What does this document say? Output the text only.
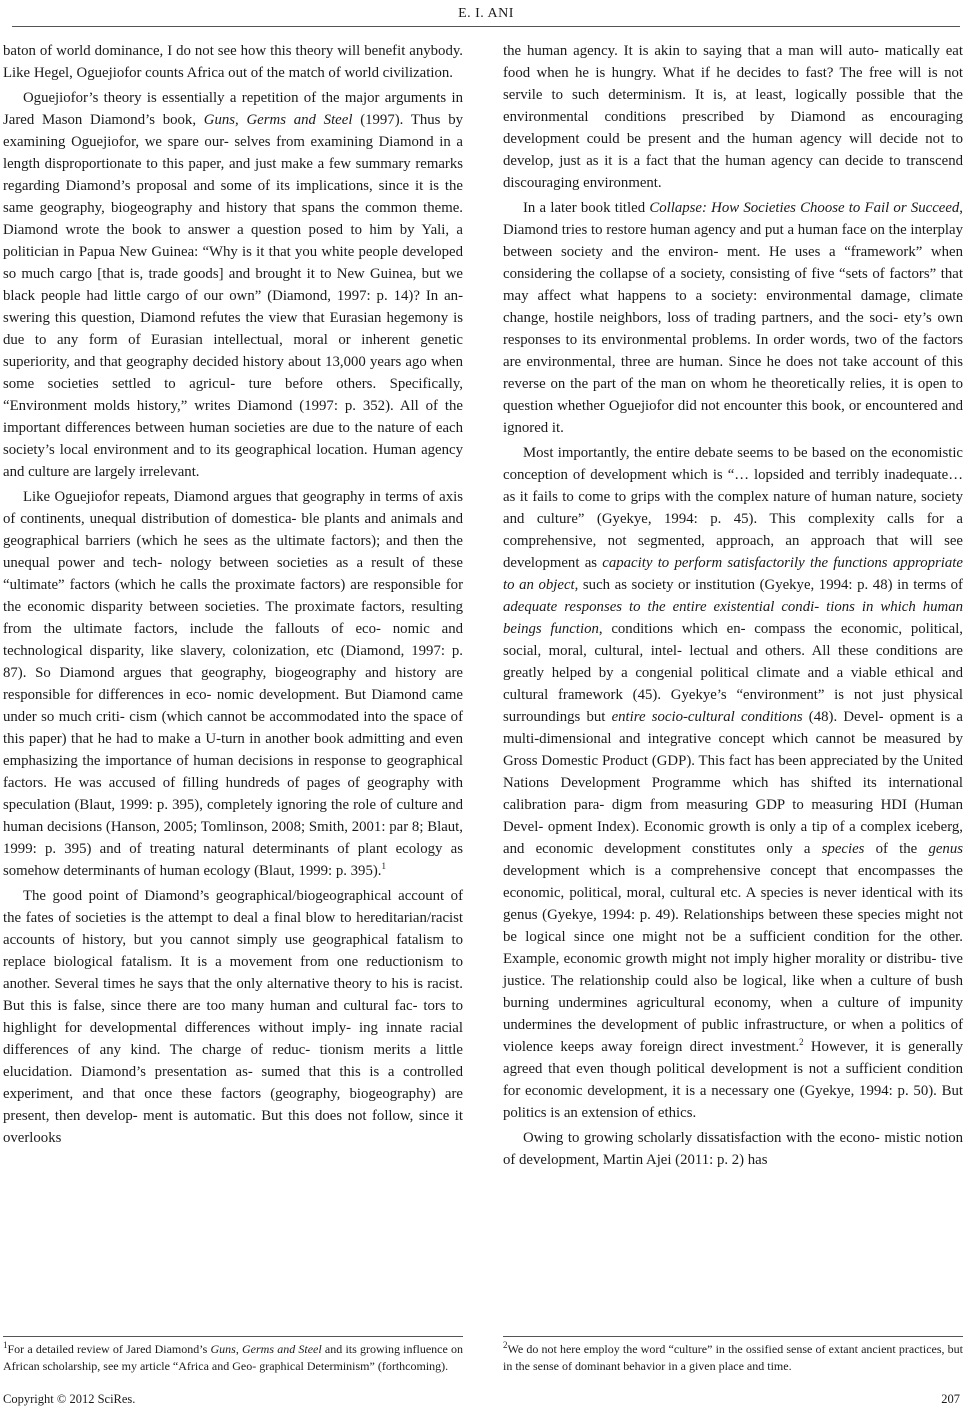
E. I. ANI

baton of world dominance, I do not see how this theory will benefit anybody. Like Hegel, Oguejiofor counts Africa out of the match of world civilization.

Oguejiofor’s theory is essentially a repetition of the major arguments in Jared Mason Diamond’s book, Guns, Germs and Steel (1997). Thus by examining Oguejiofor, we spare our- selves from examining Diamond in a length disproportionate to this paper, and just make a few summary remarks regarding Diamond’s proposal and some of its implications, since it is the same geography, biogeography and history that spans the common theme. Diamond wrote the book to answer a question posed to him by Yali, a politician in Papua New Guinea: “Why is it that you white people developed so much cargo [that is, trade goods] and brought it to New Guinea, but we black people had little cargo of our own” (Diamond, 1997: p. 14)? In an- swering this question, Diamond refutes the view that Eurasian hegemony is due to any form of Eurasian intellectual, moral or inherent genetic superiority, and that geography decided history about 13,000 years ago when some societies settled to agricul- ture before others. Specifically, “Environment molds history,” writes Diamond (1997: p. 352). All of the important differences between human societies are due to the nature of each society’s local environment and to its geographical location. Human agency and culture are largely irrelevant.

Like Oguejiofor repeats, Diamond argues that geography in terms of axis of continents, unequal distribution of domestica- ble plants and animals and geographical barriers (which he sees as the ultimate factors); and then the unequal power and tech- nology between societies as a result of these “ultimate” factors (which he calls the proximate factors) are responsible for the economic disparity between societies. The proximate factors, resulting from the ultimate factors, include the fallouts of eco- nomic and technological disparity, like slavery, colonization, etc (Diamond, 1997: p. 87). So Diamond argues that geography, biogeography and history are responsible for differences in eco- nomic development. But Diamond came under so much criti- cism (which cannot be accommodated into the space of this paper) that he had to make a U-turn in another book admitting and even emphasizing the importance of human decisions in response to geographical factors. He was accused of filling hundreds of pages of geography with speculation (Blaut, 1999: p. 395), completely ignoring the role of culture and human decisions (Hanson, 2005; Tomlinson, 2008; Smith, 2001: par 8; Blaut, 1999: p. 395) and of treating natural determinants of plant ecology as somehow determinants of human ecology (Blaut, 1999: p. 395).$^1$

The good point of Diamond’s geographical/biogeographical account of the fates of societies is the attempt to deal a final blow to hereditarian/racist accounts of history, but you cannot simply use geographical fatalism to replace biological fatalism. It is a movement from one reductionism to another. Several times he says that the only alternative theory to his is racist. But this is false, since there are too many human and cultural fac- tors to highlight for developmental differences without imply- ing innate racial differences of any kind. The charge of reduc- tionism merits a little elucidation. Diamond’s presentation as- sumed that this is a controlled experiment, and that once these factors (geography, biogeography) are present, then develop- ment is automatic. But this does not follow, since it overlooks

the human agency. It is akin to saying that a man will auto- matically eat food when he is hungry. What if he decides to fast? The free will is not servile to such determinism. It is, at least, logically possible that the environmental conditions prescribed by Diamond as encouraging development could be present and the human agency will decide not to develop, just as it is a fact that the human agency can decide to transcend discouraging environment.

In a later book titled Collapse: How Societies Choose to Fail or Succeed, Diamond tries to restore human agency and put a human face on the interplay between society and the environ- ment. He uses a “framework” when considering the collapse of a society, consisting of five “sets of factors” that may affect what happens to a society: environmental damage, climate change, hostile neighbors, loss of trading partners, and the soci- ety’s own responses to its environmental problems. In order words, two of the factors are environmental, three are human. Since he does not take account of this reverse on the part of the man on whom he theoretically relies, it is open to question whether Oguejiofor did not encounter this book, or encountered and ignored it.

Most importantly, the entire debate seems to be based on the economistic conception of development which is “… lopsided and terribly inadequate… as it fails to come to grips with the complex nature of human nature, society and culture” (Gyekye, 1994: p. 45). This complexity calls for a comprehensive, not segmented, approach, an approach that will see development as capacity to perform satisfactorily the functions appropriate to an object, such as society or institution (Gyekye, 1994: p. 48) in terms of adequate responses to the entire existential condi- tions in which human beings function, conditions which en- compass the economic, political, social, moral, cultural, intel- lectual and others. All these conditions are greatly helped by a congenial political climate and a viable ethical and cultural framework (45). Gyekye’s “environment” is not just physical surroundings but entire socio-cultural conditions (48). Devel- opment is a multi-dimensional and integrative concept which cannot be measured by Gross Domestic Product (GDP). This fact has been appreciated by the United Nations Development Programme which has shifted its international calibration para- digm from measuring GDP to measuring HDI (Human Devel- opment Index). Economic growth is only a tip of a complex iceberg, and economic development constitutes only a species of the genus development which is a comprehensive concept that encompasses the economic, political, moral, cultural etc. A species is never identical with its genus (Gyekye, 1994: p. 49). Relationships between these species might not be logical since one might not be a sufficient condition for the other. Example, economic growth might not imply higher morality or distribu- tive justice. The relationship could also be logical, like when a culture of bush burning undermines agricultural economy, when a culture of impunity undermines the development of public infrastructure, or when a politics of violence keeps away foreign direct investment.$^2$ However, it is generally agreed that even though political development is not a sufficient condition for economic development, it is a necessary one (Gyekye, 1994: p. 50). But politics is an extension of ethics.

Owing to growing scholarly dissatisfaction with the econo- mistic notion of development, Martin Ajei (2011: p. 2) has

$^1$For a detailed review of Jared Diamond’s Guns, Germs and Steel and its growing influence on African scholarship, see my article “Africa and Geo- graphical Determinism” (forthcoming).
$^2$We do not here employ the word “culture” in the ossified sense of extant ancient practices, but in the sense of dominant behavior in a given place and time.
Copyright © 2012 SciRes.	207
